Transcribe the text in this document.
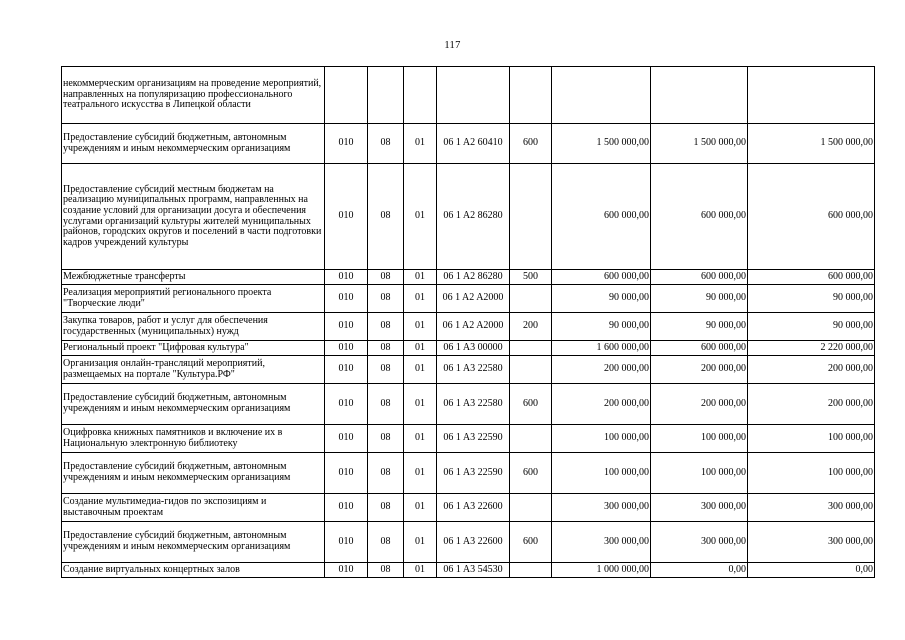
117
некоммерческим организациям на проведение мероприятий, направленных на популяризацию профессионального театрального искусства в Липецкой области								
Предоставление субсидий бюджетным, автономным учреждениям и иным некоммерческим организациям	010	08	01	06 1 A2 60410	600	1 500 000,00	1 500 000,00	1 500 000,00
Предоставление субсидий местным бюджетам на реализацию муниципальных программ, направленных на создание условий для организации досуга и обеспечения услугами организаций культуры жителей муниципальных районов, городских округов и поселений в части подготовки кадров учреждений культуры	010	08	01	06 1 A2 86280		600 000,00	600 000,00	600 000,00
Межбюджетные трансферты	010	08	01	06 1 A2 86280	500	600 000,00	600 000,00	600 000,00
Реализация мероприятий регионального проекта "Творческие люди"	010	08	01	06 1 A2 A2000		90 000,00	90 000,00	90 000,00
Закупка товаров, работ и услуг для обеспечения государственных (муниципальных) нужд	010	08	01	06 1 A2 A2000	200	90 000,00	90 000,00	90 000,00
Региональный проект "Цифровая культура"	010	08	01	06 1 A3 00000		1 600 000,00	600 000,00	2 220 000,00
Организация онлайн-трансляций мероприятий, размещаемых на портале "Культура.РФ"	010	08	01	06 1 A3 22580		200 000,00	200 000,00	200 000,00
Предоставление субсидий бюджетным, автономным учреждениям и иным некоммерческим организациям	010	08	01	06 1 A3 22580	600	200 000,00	200 000,00	200 000,00
Оцифровка книжных памятников и включение их в Национальную электронную библиотеку	010	08	01	06 1 A3 22590		100 000,00	100 000,00	100 000,00
Предоставление субсидий бюджетным, автономным учреждениям и иным некоммерческим организациям	010	08	01	06 1 A3 22590	600	100 000,00	100 000,00	100 000,00
Создание мультимедиа-гидов по экспозициям и выставочным проектам	010	08	01	06 1 A3 22600		300 000,00	300 000,00	300 000,00
Предоставление субсидий бюджетным, автономным учреждениям и иным некоммерческим организациям	010	08	01	06 1 A3 22600	600	300 000,00	300 000,00	300 000,00
Создание виртуальных концертных залов	010	08	01	06 1 A3 54530		1 000 000,00	0,00	0,00
